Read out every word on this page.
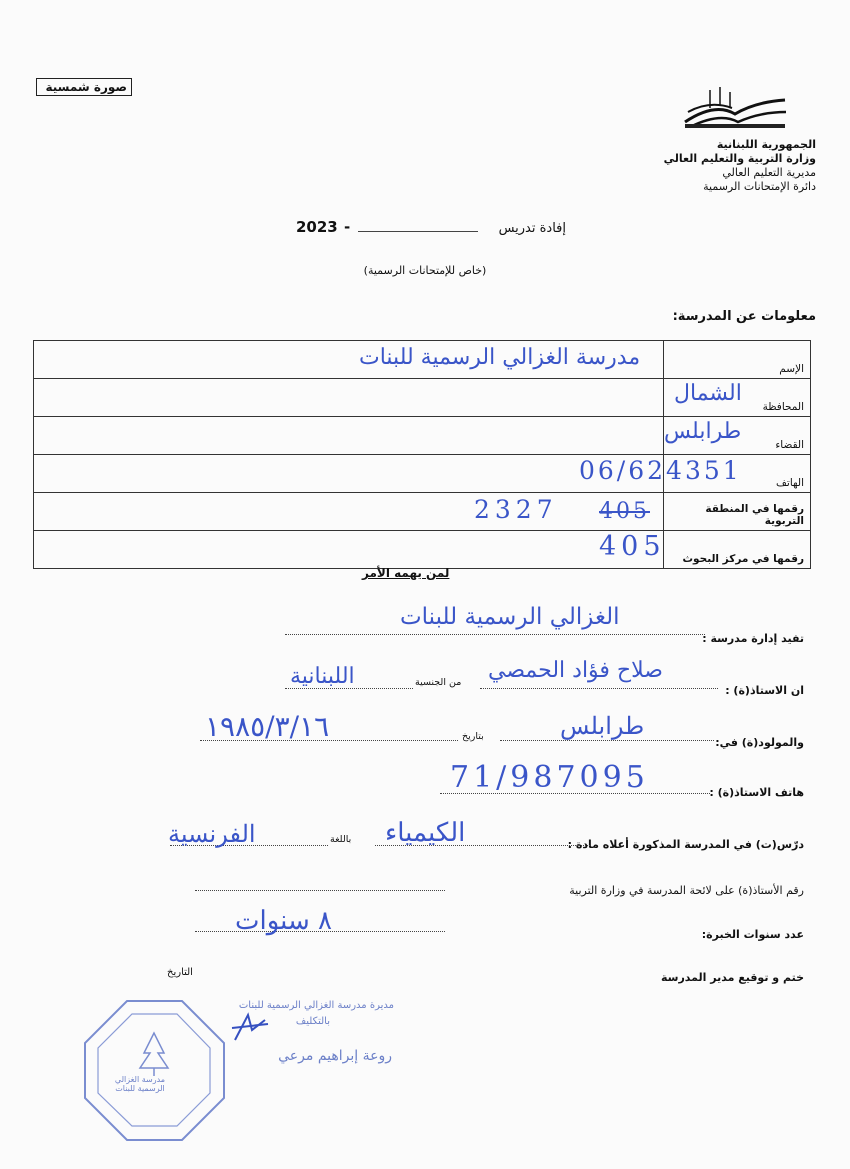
صورة شمسية
الجمهورية اللبنانية
وزارة التربية والتعليم العالي
مديرية التعليم العالي
دائرة الإمتحانات الرسمية
2023 -	إفادة تدريس
(خاص للإمتحانات الرسمية)
معلومات عن المدرسة:
مدرسة الغزالي الرسمية للبنات	الإسم

الشمال	المحافظة

طرابلس	القضاء

06/624351	الهاتف

2327 405	رقمها في المنطقة التربوية

405	رقمها في مركز البحوث
لمن يهمه الأمر
تفيد إدارة مدرسة :
الغزالي الرسمية للبنات
ان الاستاذ(ة) :
صلاح فؤاد الحمصي
من الجنسية
اللبنانية
والمولود(ة) في:
طرابلس
بتاريخ
١٩٨٥/٣/١٦
هاتف الاستاذ(ة) :
71/987095
درّس(ت) في المدرسة المذكورة أعلاه مادة :
الكيمياء
باللغة
الفرنسية
رقم الأستاذ(ة) على لائحة المدرسة في وزارة التربية
عدد سنوات الخبرة:
٨ سنوات
ختم و توقيع مدير المدرسة
التاريخ
مدرسة الغزالي الرسمية للبنات
مديرة مدرسة الغزالي الرسمية للبنات
بالتكليف
روعة إبراهيم مرعي
